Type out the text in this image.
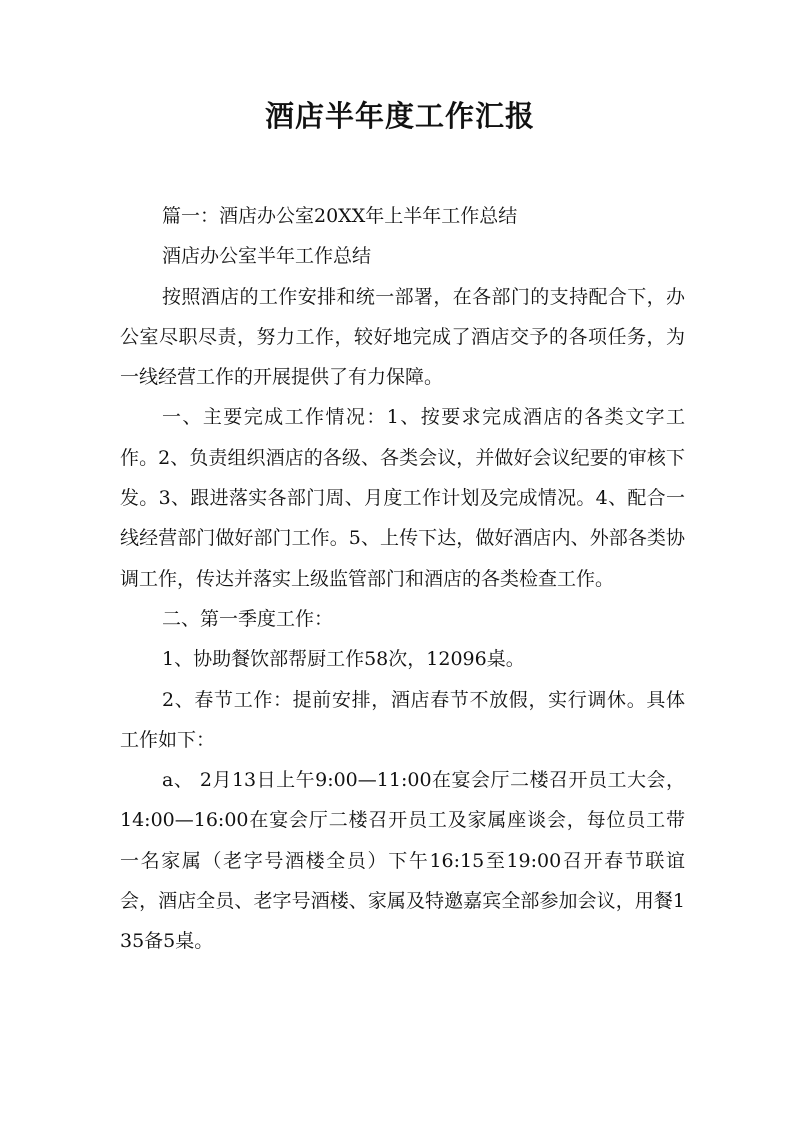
酒店半年度工作汇报

篇一：酒店办公室20XX年上半年工作总结

酒店办公室半年工作总结

按照酒店的工作安排和统一部署，在各部门的支持配合下，办公室尽职尽责，努力工作，较好地完成了酒店交予的各项任务，为一线经营工作的开展提供了有力保障。

一、主要完成工作情况：1、按要求完成酒店的各类文字工作。2、负责组织酒店的各级、各类会议，并做好会议纪要的审核下发。3、跟进落实各部门周、月度工作计划及完成情况。4、配合一线经营部门做好部门工作。5、上传下达，做好酒店内、外部各类协调工作，传达并落实上级监管部门和酒店的各类检查工作。

二、第一季度工作：

1、协助餐饮部帮厨工作58次，12096桌。

2、春节工作：提前安排，酒店春节不放假，实行调休。具体工作如下：

a、 2月13日上午9:00—11:00在宴会厅二楼召开员工大会，14:00—16:00在宴会厅二楼召开员工及家属座谈会，每位员工带一名家属（老字号酒楼全员）下午16:15至19:00召开春节联谊会，酒店全员、老字号酒楼、家属及特邀嘉宾全部参加会议，用餐135备5桌。
